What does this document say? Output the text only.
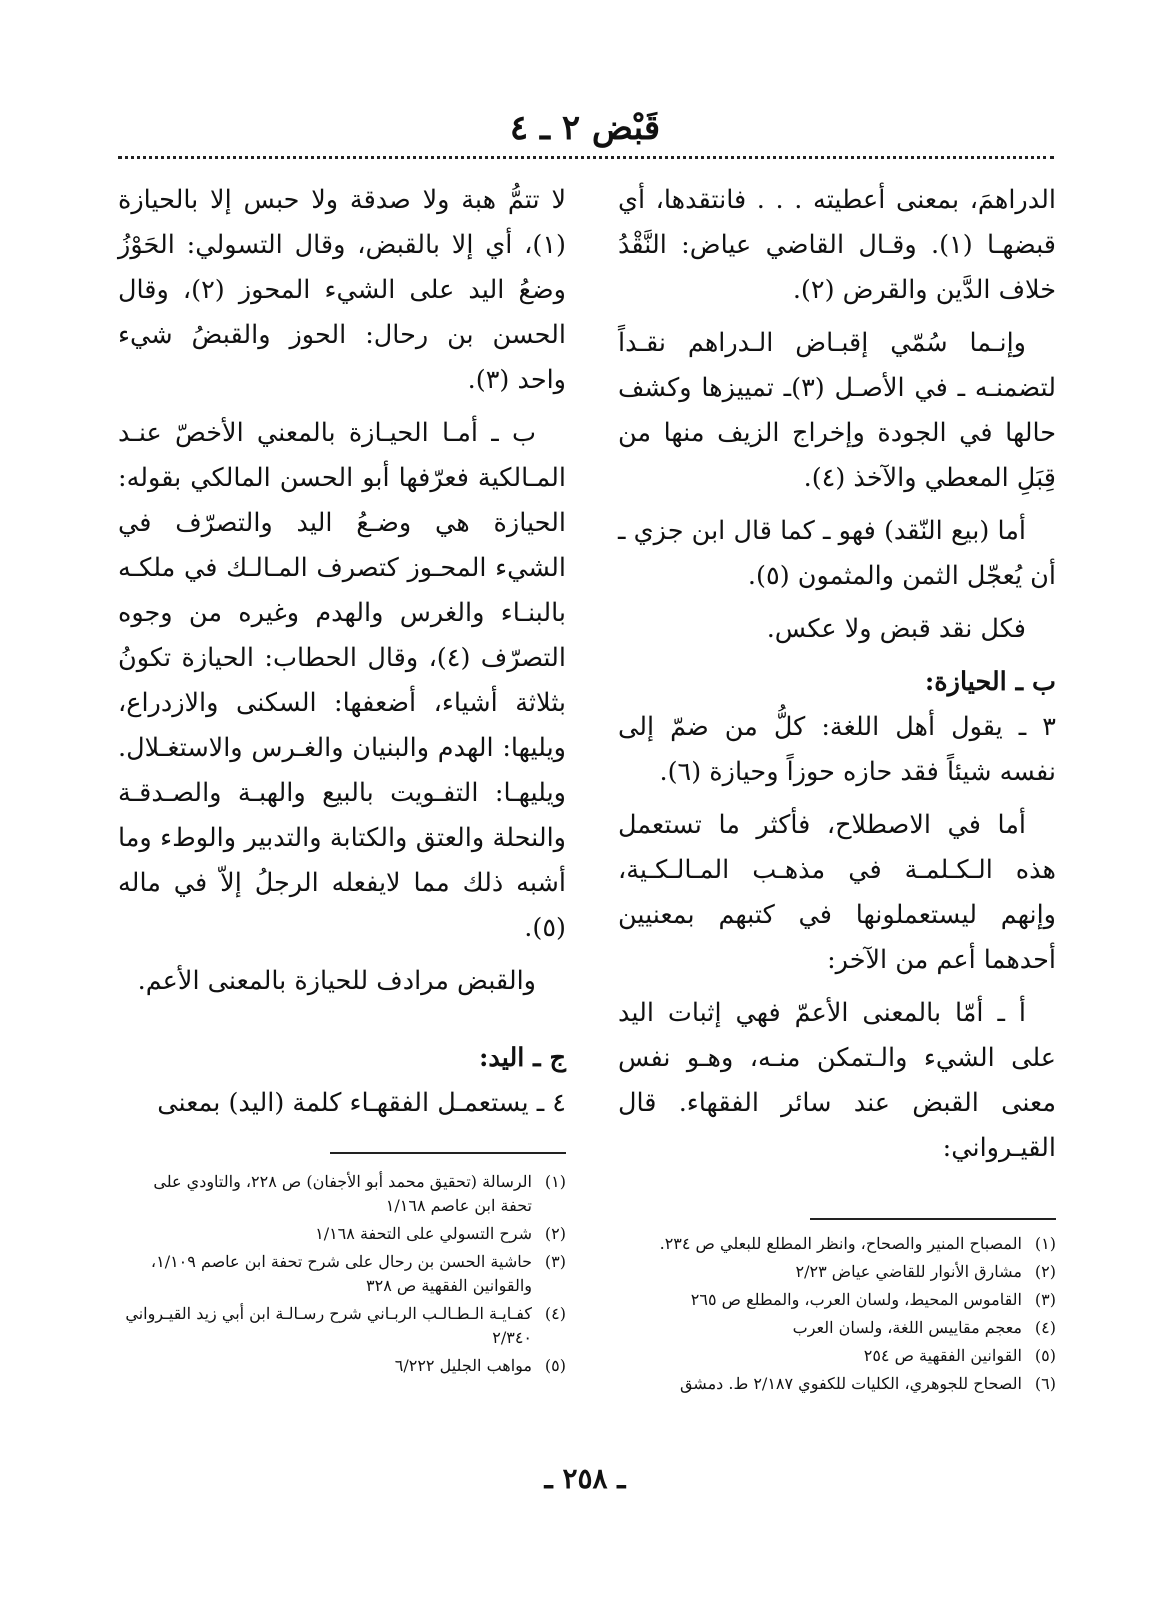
قَبْض ٢ ـ ٤

الدراهمَ، بمعنى أعطيته . . . فانتقدها، أي قبضهـا (١). وقـال القاضي عياض: النَّقْدُ خلاف الدَّين والقرض (٢).

وإنـما سُمّي إقبـاض الـدراهم نقـداً لتضمنـه ـ في الأصـل (٣)ـ تمييزها وكشف حالها في الجودة وإخراج الزيف منها من قِبَلِ المعطي والآخذ (٤).

أما (بيع النّقد) فهو ـ كما قال ابن جزي ـ أن يُعجّل الثمن والمثمون (٥).

فكل نقد قبض ولا عكس.

ب ـ الحيازة:

٣ ـ يقول أهل اللغة: كلُّ من ضمّ إلى نفسه شيئاً فقد حازه حوزاً وحيازة (٦).

أما في الاصطلاح، فأكثر ما تستعمل هذه الـكـلمـة في مذهـب المـالـكـية، وإنهم ليستعملونها في كتبهم بمعنيين أحدهما أعم من الآخر:

أ ـ أمّا بالمعنى الأعمّ فهي إثبات اليد على الشيء والـتمكن منـه، وهـو نفس معنى القبض عند سائر الفقهاء. قال القيـرواني:

لا تتمُّ هبة ولا صدقة ولا حبس إلا بالحيازة (١)، أي إلا بالقبض، وقال التسولي: الحَوْزُ وضعُ اليد على الشيء المحوز (٢)، وقال الحسن بن رحال: الحوز والقبضُ شيء واحد (٣).

ب ـ أمـا الحيـازة بالمعني الأخصّ عنـد المـالكية فعرّفها أبو الحسن المالكي بقوله: الحيازة هي وضـعُ اليد والتصرّف في الشيء المحـوز كتصرف المـالـك في ملكـه بالبنـاء والغرس والهدم وغيره من وجوه التصرّف (٤)، وقال الحطاب: الحيازة تكونُ بثلاثة أشياء، أضعفها: السكنى والازدراع، ويليها: الهدم والبنيان والغـرس والاستغـلال. ويليهـا: التفـويت بالبيع والهبـة والصـدقـة والنحلة والعتق والكتابة والتدبير والوطء وما أشبه ذلك مما لايفعله الرجلُ إلاّ في ماله (٥).

والقبض مرادف للحيازة بالمعنى الأعم.

ج ـ اليد:

٤ ـ يستعمـل الفقهـاء كلمة (اليد) بمعنى

(١)
المصباح المنير والصحاح، وانظر المطلع للبعلي ص ٢٣٤.
(٢)
مشارق الأنوار للقاضي عياض ٢/٢٣
(٣)
القاموس المحيط، ولسان العرب، والمطلع ص ٢٦٥
(٤)
معجم مقاييس اللغة، ولسان العرب
(٥)
القوانين الفقهية ص ٢٥٤
(٦)
الصحاح للجوهري، الكليات للكفوي ٢/١٨٧ ط. دمشق
(١)
الرسالة (تحقيق محمد أبو الأجفان) ص ٢٢٨، والتاودي على تحفة ابن عاصم ١/١٦٨
(٢)
شرح التسولي على التحفة ١/١٦٨
(٣)
حاشية الحسن بن رحال على شرح تحفة ابن عاصم ١/١٠٩، والقوانين الفقهية ص ٣٢٨
(٤)
كفـايـة الـطـالـب الربـاني شرح رسـالـة ابن أبي زيد القيـرواني ٢/٣٤٠
(٥)
مواهب الجليل ٦/٢٢٢
ـ ٢٥٨ ـ
